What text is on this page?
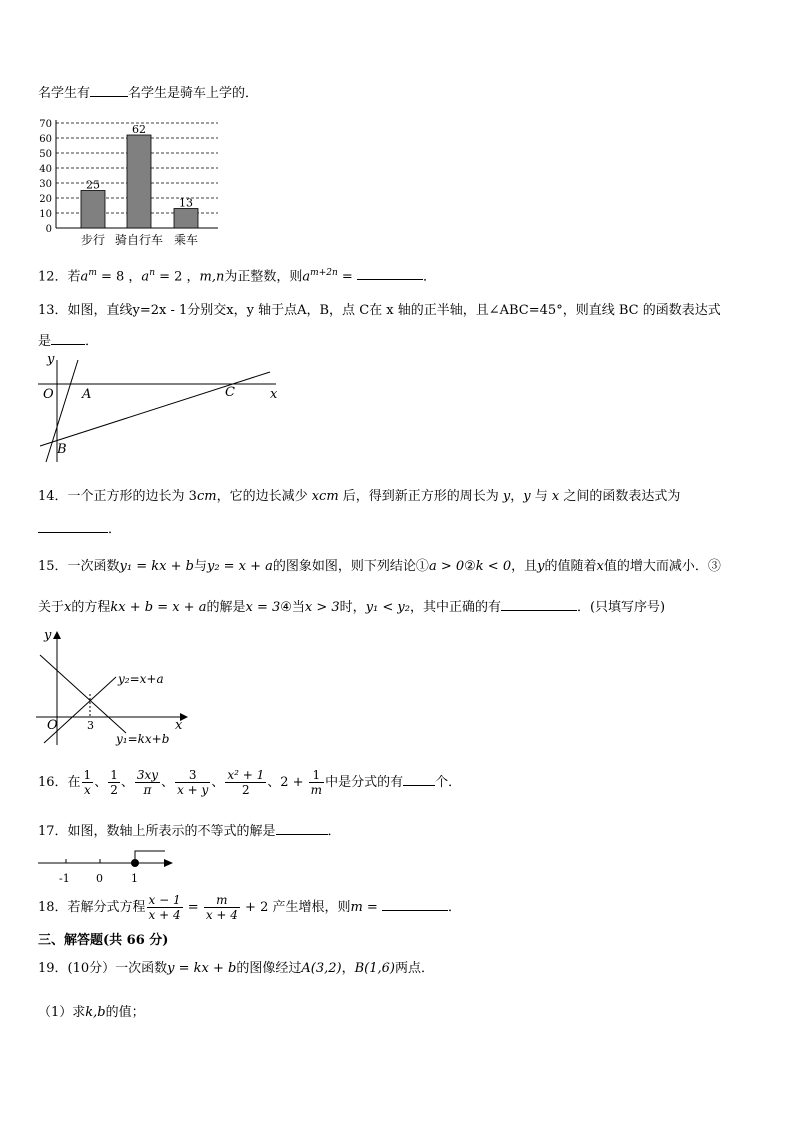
名学生有	名学生是骑车上学的．
0
10
20
30
40
50
60
70
25
62
13
步行 骑自行车 乘车
12．若$a^m = 8$ ，$a^n = 2$ ，m,n为正整数，则$a^{m+2n}$ =	．
13．如图，直线y=2x - 1分别交x，y 轴于点A，B，点 C在 x 轴的正半轴，且∠ABC=45°，则直线 BC 的函数表达式
是	．
y
O A	C	x
B
14．一个正方形的边长为 3cm，它的边长减少 xcm 后，得到新正方形的周长为 y，y 与 x 之间的函数表达式为
．
15．一次函数y₁ = kx + b与y₂ = x + a的图象如图，则下列结论①a > 0②k < 0，且y的值随着x值的增大而减小．③
关于x的方程kx + b = x + a的解是x = 3④当x > 3时，y₁ < y₂，其中正确的有	．(只填写序号)
y
O	3	x
y₂=x+a
y₁=kx+b
16．在 $\frac{1}{x}$ 、 $\frac{1}{2}$ 、 $\frac{3xy}{\pi}$ 、 $\frac{3}{x + y}$ 、 $\frac{\text{x² + 1}}{2}$ 、$2 + \frac{1}{m}$ 中是分式的有 个．
17．如图，数轴上所表示的不等式的解是	．
-1 0	1
18．若解分式方程 $\frac{x - 1}{x + 4} = \frac{m}{x + 4} + 2$ 产生增根，则m =	．
三、解答题(共 66 分)
19．(10分）一次函数y = kx + b的图像经过A(3,2)，B(1,6)两点．
（1）求k,b的值；
